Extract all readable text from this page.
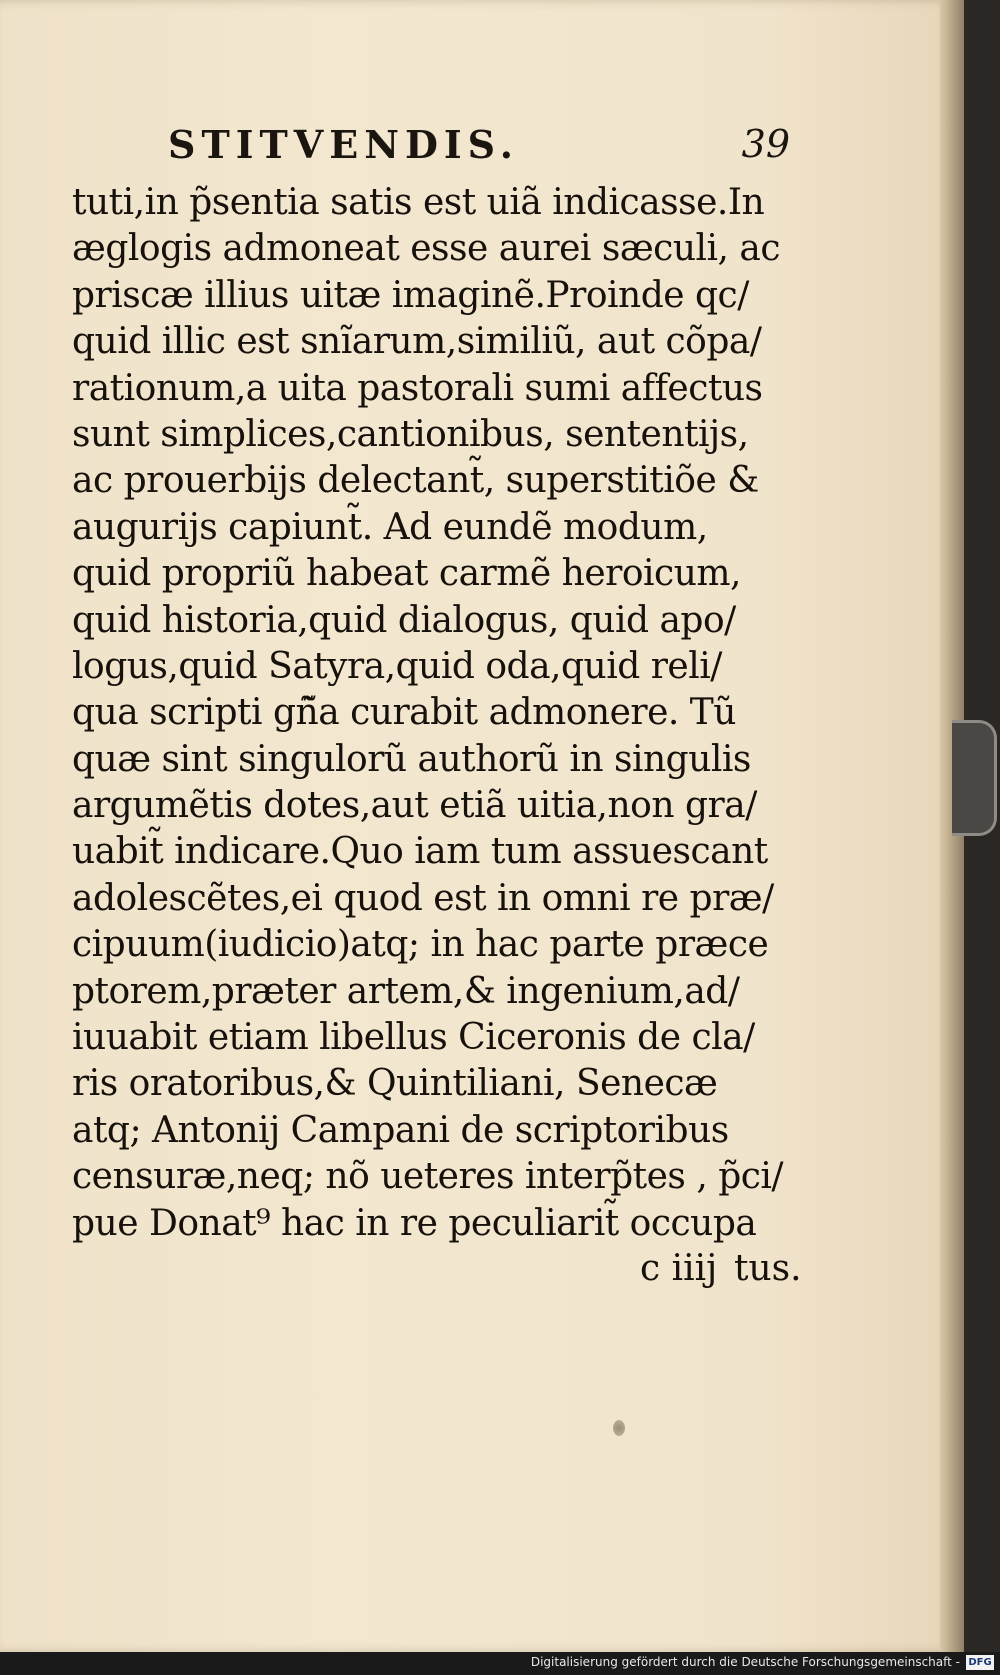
STITVENDIS.	39
tuti,in p̃sentia satis est uiã indicasse.In
æglogis admoneat esse aurei sæculi, ac
priscæ illius uitæ imaginẽ.Proinde qc/
quid illic est snĩarum,similiũ, aut cõpa/
rationum,a uita pastorali sumi affectus
sunt simplices,cantionibus, sententijs,
ac prouerbijs delectant̃, superstitiõe &
augurijs capiunt̃. Ad eundẽ modum,
quid propriũ habeat carmẽ heroicum,
quid historia,quid dialogus, quid apo/
logus,quid Satyra,quid oda,quid reli/
qua scripti gñ̃a curabit admonere. Tũ
quæ sint singulorũ authorũ in singulis
argumẽtis dotes,aut etiã uitia,non gra/
uabit̃ indicare.Quo iam tum assuescant
adolescẽtes,ei quod est in omni re præ/
cipuum(iudicio)atq; in hac parte præce
ptorem,præter artem,& ingenium,ad/
iuuabit etiam libellus Ciceronis de cla/
ris oratoribus,& Quintiliani, Senecæ
atq; Antonij Campani de scriptoribus
censuræ,neq; nõ ueteres interp̃tes , p̃ci/
pue Donat⁹ hac in re peculiarit̃ occupa
c iiij tus.
Digitalisierung gefördert durch die Deutsche Forschungsgemeinschaft - DFG
